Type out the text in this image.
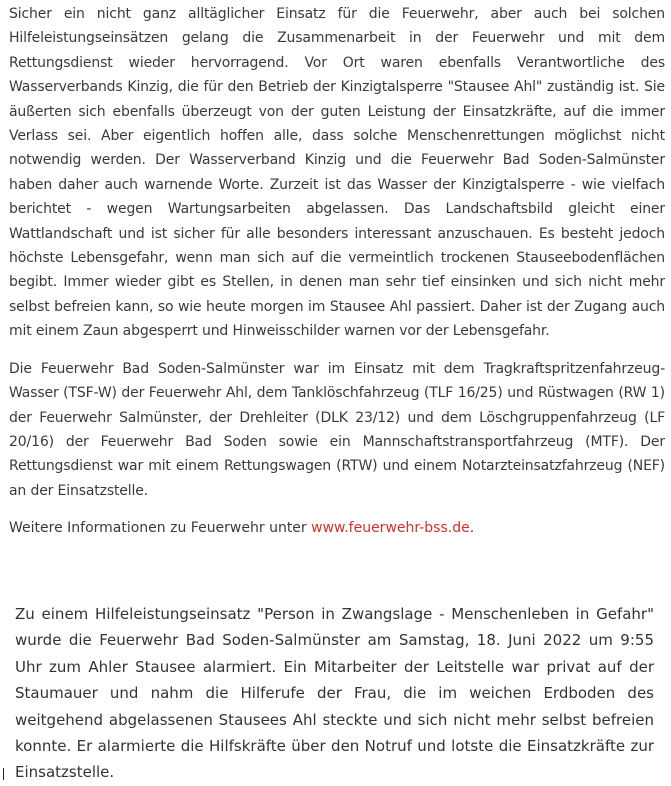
Sicher ein nicht ganz alltäglicher Einsatz für die Feuerwehr, aber auch bei solchen Hilfeleistungseinsätzen gelang die Zusammenarbeit in der Feuerwehr und mit dem Rettungsdienst wieder hervorragend. Vor Ort waren ebenfalls Verantwortliche des Wasserverbands Kinzig, die für den Betrieb der Kinzigtalsperre "Stausee Ahl" zuständig ist. Sie äußerten sich ebenfalls überzeugt von der guten Leistung der Einsatzkräfte, auf die immer Verlass sei. Aber eigentlich hoffen alle, dass solche Menschenrettungen möglichst nicht notwendig werden. Der Wasserverband Kinzig und die Feuerwehr Bad Soden-Salmünster haben daher auch warnende Worte. Zurzeit ist das Wasser der Kinzigtalsperre - wie vielfach berichtet - wegen Wartungsarbeiten abgelassen. Das Landschaftsbild gleicht einer Wattlandschaft und ist sicher für alle besonders interessant anzuschauen. Es besteht jedoch höchste Lebensgefahr, wenn man sich auf die vermeintlich trockenen Stauseebodenflächen begibt. Immer wieder gibt es Stellen, in denen man sehr tief einsinken und sich nicht mehr selbst befreien kann, so wie heute morgen im Stausee Ahl passiert. Daher ist der Zugang auch mit einem Zaun abgesperrt und Hinweisschilder warnen vor der Lebensgefahr.

Die Feuerwehr Bad Soden-Salmünster war im Einsatz mit dem Tragkraftspritzenfahrzeug-Wasser (TSF-W) der Feuerwehr Ahl, dem Tanklöschfahrzeug (TLF 16/25) und Rüstwagen (RW 1) der Feuerwehr Salmünster, der Drehleiter (DLK 23/12) und dem Löschgruppenfahrzeug (LF 20/16) der Feuerwehr Bad Soden sowie ein Mannschaftstransportfahrzeug (MTF). Der Rettungsdienst war mit einem Rettungswagen (RTW) und einem Notarzteinsatzfahrzeug (NEF) an der Einsatzstelle.

Weitere Informationen zu Feuerwehr unter www.feuerwehr-bss.de.

Zu einem Hilfeleistungseinsatz "Person in Zwangslage - Menschenleben in Gefahr" wurde die Feuerwehr Bad Soden-Salmünster am Samstag, 18. Juni 2022 um 9:55 Uhr zum Ahler Stausee alarmiert. Ein Mitarbeiter der Leitstelle war privat auf der Staumauer und nahm die Hilferufe der Frau, die im weichen Erdboden des weitgehend abgelassenen Stausees Ahl steckte und sich nicht mehr selbst befreien konnte. Er alarmierte die Hilfskräfte über den Notruf und lotste die Einsatzkräfte zur Einsatzstelle.
